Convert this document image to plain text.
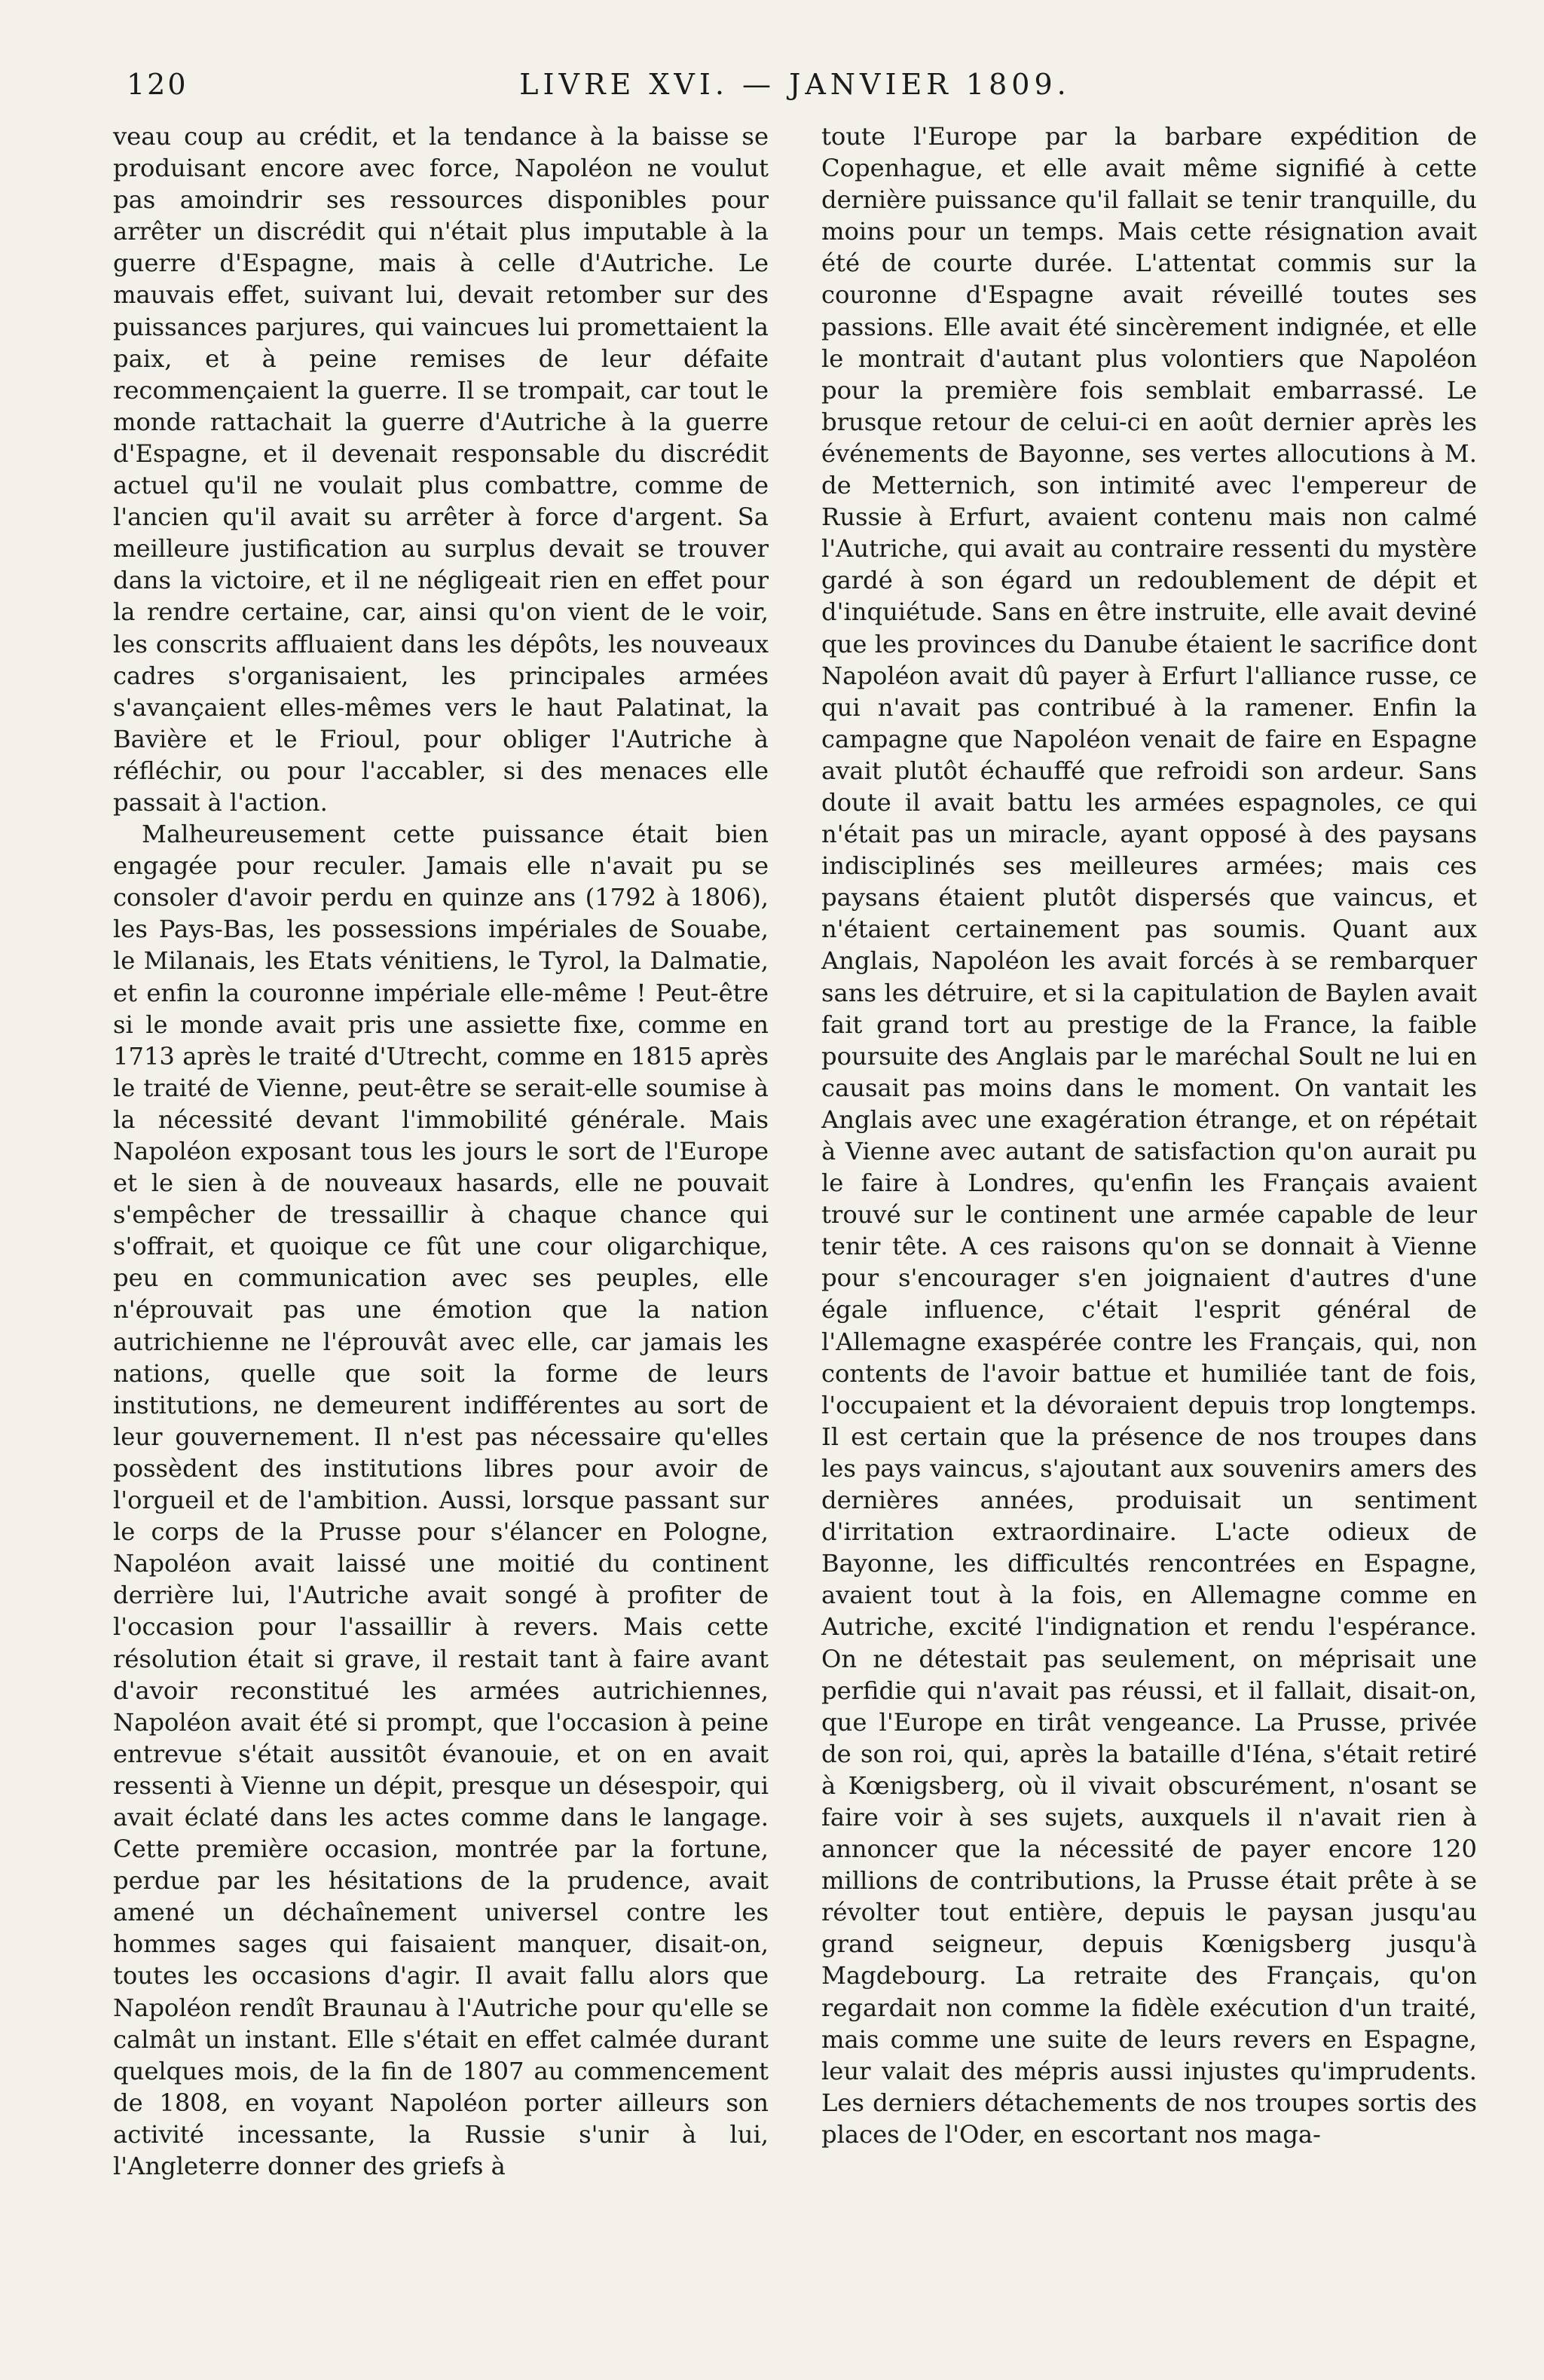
120	LIVRE XVI. — JANVIER 1809.

veau coup au crédit, et la tendance à la baisse se produisant encore avec force, Napoléon ne voulut pas amoindrir ses ressources disponibles pour arrêter un discrédit qui n'était plus imputable à la guerre d'Espagne, mais à celle d'Autriche. Le mauvais effet, suivant lui, devait retomber sur des puissances parjures, qui vaincues lui promettaient la paix, et à peine remises de leur défaite recommençaient la guerre. Il se trompait, car tout le monde rattachait la guerre d'Autriche à la guerre d'Espagne, et il devenait responsable du discrédit actuel qu'il ne voulait plus combattre, comme de l'ancien qu'il avait su arrêter à force d'argent. Sa meilleure justification au surplus devait se trouver dans la victoire, et il ne négligeait rien en effet pour la rendre certaine, car, ainsi qu'on vient de le voir, les conscrits affluaient dans les dépôts, les nouveaux cadres s'organisaient, les principales armées s'avançaient elles-mêmes vers le haut Palatinat, la Bavière et le Frioul, pour obliger l'Autriche à réfléchir, ou pour l'accabler, si des menaces elle passait à l'action.

Malheureusement cette puissance était bien engagée pour reculer. Jamais elle n'avait pu se consoler d'avoir perdu en quinze ans (1792 à 1806), les Pays-Bas, les possessions impériales de Souabe, le Milanais, les Etats vénitiens, le Tyrol, la Dalmatie, et enfin la couronne impériale elle-même ! Peut-être si le monde avait pris une assiette fixe, comme en 1713 après le traité d'Utrecht, comme en 1815 après le traité de Vienne, peut-être se serait-elle soumise à la nécessité devant l'immobilité générale. Mais Napoléon exposant tous les jours le sort de l'Europe et le sien à de nouveaux hasards, elle ne pouvait s'empêcher de tressaillir à chaque chance qui s'offrait, et quoique ce fût une cour oligarchique, peu en communication avec ses peuples, elle n'éprouvait pas une émotion que la nation autrichienne ne l'éprouvât avec elle, car jamais les nations, quelle que soit la forme de leurs institutions, ne demeurent indifférentes au sort de leur gouvernement. Il n'est pas nécessaire qu'elles possèdent des institutions libres pour avoir de l'orgueil et de l'ambition. Aussi, lorsque passant sur le corps de la Prusse pour s'élancer en Pologne, Napoléon avait laissé une moitié du continent derrière lui, l'Autriche avait songé à profiter de l'occasion pour l'assaillir à revers. Mais cette résolution était si grave, il restait tant à faire avant d'avoir reconstitué les armées autrichiennes, Napoléon avait été si prompt, que l'occasion à peine entrevue s'était aussitôt évanouie, et on en avait ressenti à Vienne un dépit, presque un désespoir, qui avait éclaté dans les actes comme dans le langage. Cette première occasion, montrée par la fortune, perdue par les hésitations de la prudence, avait amené un déchaînement universel contre les hommes sages qui faisaient manquer, disait-on, toutes les occasions d'agir. Il avait fallu alors que Napoléon rendît Braunau à l'Autriche pour qu'elle se calmât un instant. Elle s'était en effet calmée durant quelques mois, de la fin de 1807 au commencement de 1808, en voyant Napoléon porter ailleurs son activité incessante, la Russie s'unir à lui, l'Angleterre donner des griefs à

toute l'Europe par la barbare expédition de Copenhague, et elle avait même signifié à cette dernière puissance qu'il fallait se tenir tranquille, du moins pour un temps. Mais cette résignation avait été de courte durée. L'attentat commis sur la couronne d'Espagne avait réveillé toutes ses passions. Elle avait été sincèrement indignée, et elle le montrait d'autant plus volontiers que Napoléon pour la première fois semblait embarrassé. Le brusque retour de celui-ci en août dernier après les événements de Bayonne, ses vertes allocutions à M. de Metternich, son intimité avec l'empereur de Russie à Erfurt, avaient contenu mais non calmé l'Autriche, qui avait au contraire ressenti du mystère gardé à son égard un redoublement de dépit et d'inquiétude. Sans en être instruite, elle avait deviné que les provinces du Danube étaient le sacrifice dont Napoléon avait dû payer à Erfurt l'alliance russe, ce qui n'avait pas contribué à la ramener. Enfin la campagne que Napoléon venait de faire en Espagne avait plutôt échauffé que refroidi son ardeur. Sans doute il avait battu les armées espagnoles, ce qui n'était pas un miracle, ayant opposé à des paysans indisciplinés ses meilleures armées; mais ces paysans étaient plutôt dispersés que vaincus, et n'étaient certainement pas soumis. Quant aux Anglais, Napoléon les avait forcés à se rembarquer sans les détruire, et si la capitulation de Baylen avait fait grand tort au prestige de la France, la faible poursuite des Anglais par le maréchal Soult ne lui en causait pas moins dans le moment. On vantait les Anglais avec une exagération étrange, et on répétait à Vienne avec autant de satisfaction qu'on aurait pu le faire à Londres, qu'enfin les Français avaient trouvé sur le continent une armée capable de leur tenir tête. A ces raisons qu'on se donnait à Vienne pour s'encourager s'en joignaient d'autres d'une égale influence, c'était l'esprit général de l'Allemagne exaspérée contre les Français, qui, non contents de l'avoir battue et humiliée tant de fois, l'occupaient et la dévoraient depuis trop longtemps. Il est certain que la présence de nos troupes dans les pays vaincus, s'ajoutant aux souvenirs amers des dernières années, produisait un sentiment d'irritation extraordinaire. L'acte odieux de Bayonne, les difficultés rencontrées en Espagne, avaient tout à la fois, en Allemagne comme en Autriche, excité l'indignation et rendu l'espérance. On ne détestait pas seulement, on méprisait une perfidie qui n'avait pas réussi, et il fallait, disait-on, que l'Europe en tirât vengeance. La Prusse, privée de son roi, qui, après la bataille d'Iéna, s'était retiré à Kœnigsberg, où il vivait obscurément, n'osant se faire voir à ses sujets, auxquels il n'avait rien à annoncer que la nécessité de payer encore 120 millions de contributions, la Prusse était prête à se révolter tout entière, depuis le paysan jusqu'au grand seigneur, depuis Kœnigsberg jusqu'à Magdebourg. La retraite des Français, qu'on regardait non comme la fidèle exécution d'un traité, mais comme une suite de leurs revers en Espagne, leur valait des mépris aussi injustes qu'imprudents. Les derniers détachements de nos troupes sortis des places de l'Oder, en escortant nos maga-
